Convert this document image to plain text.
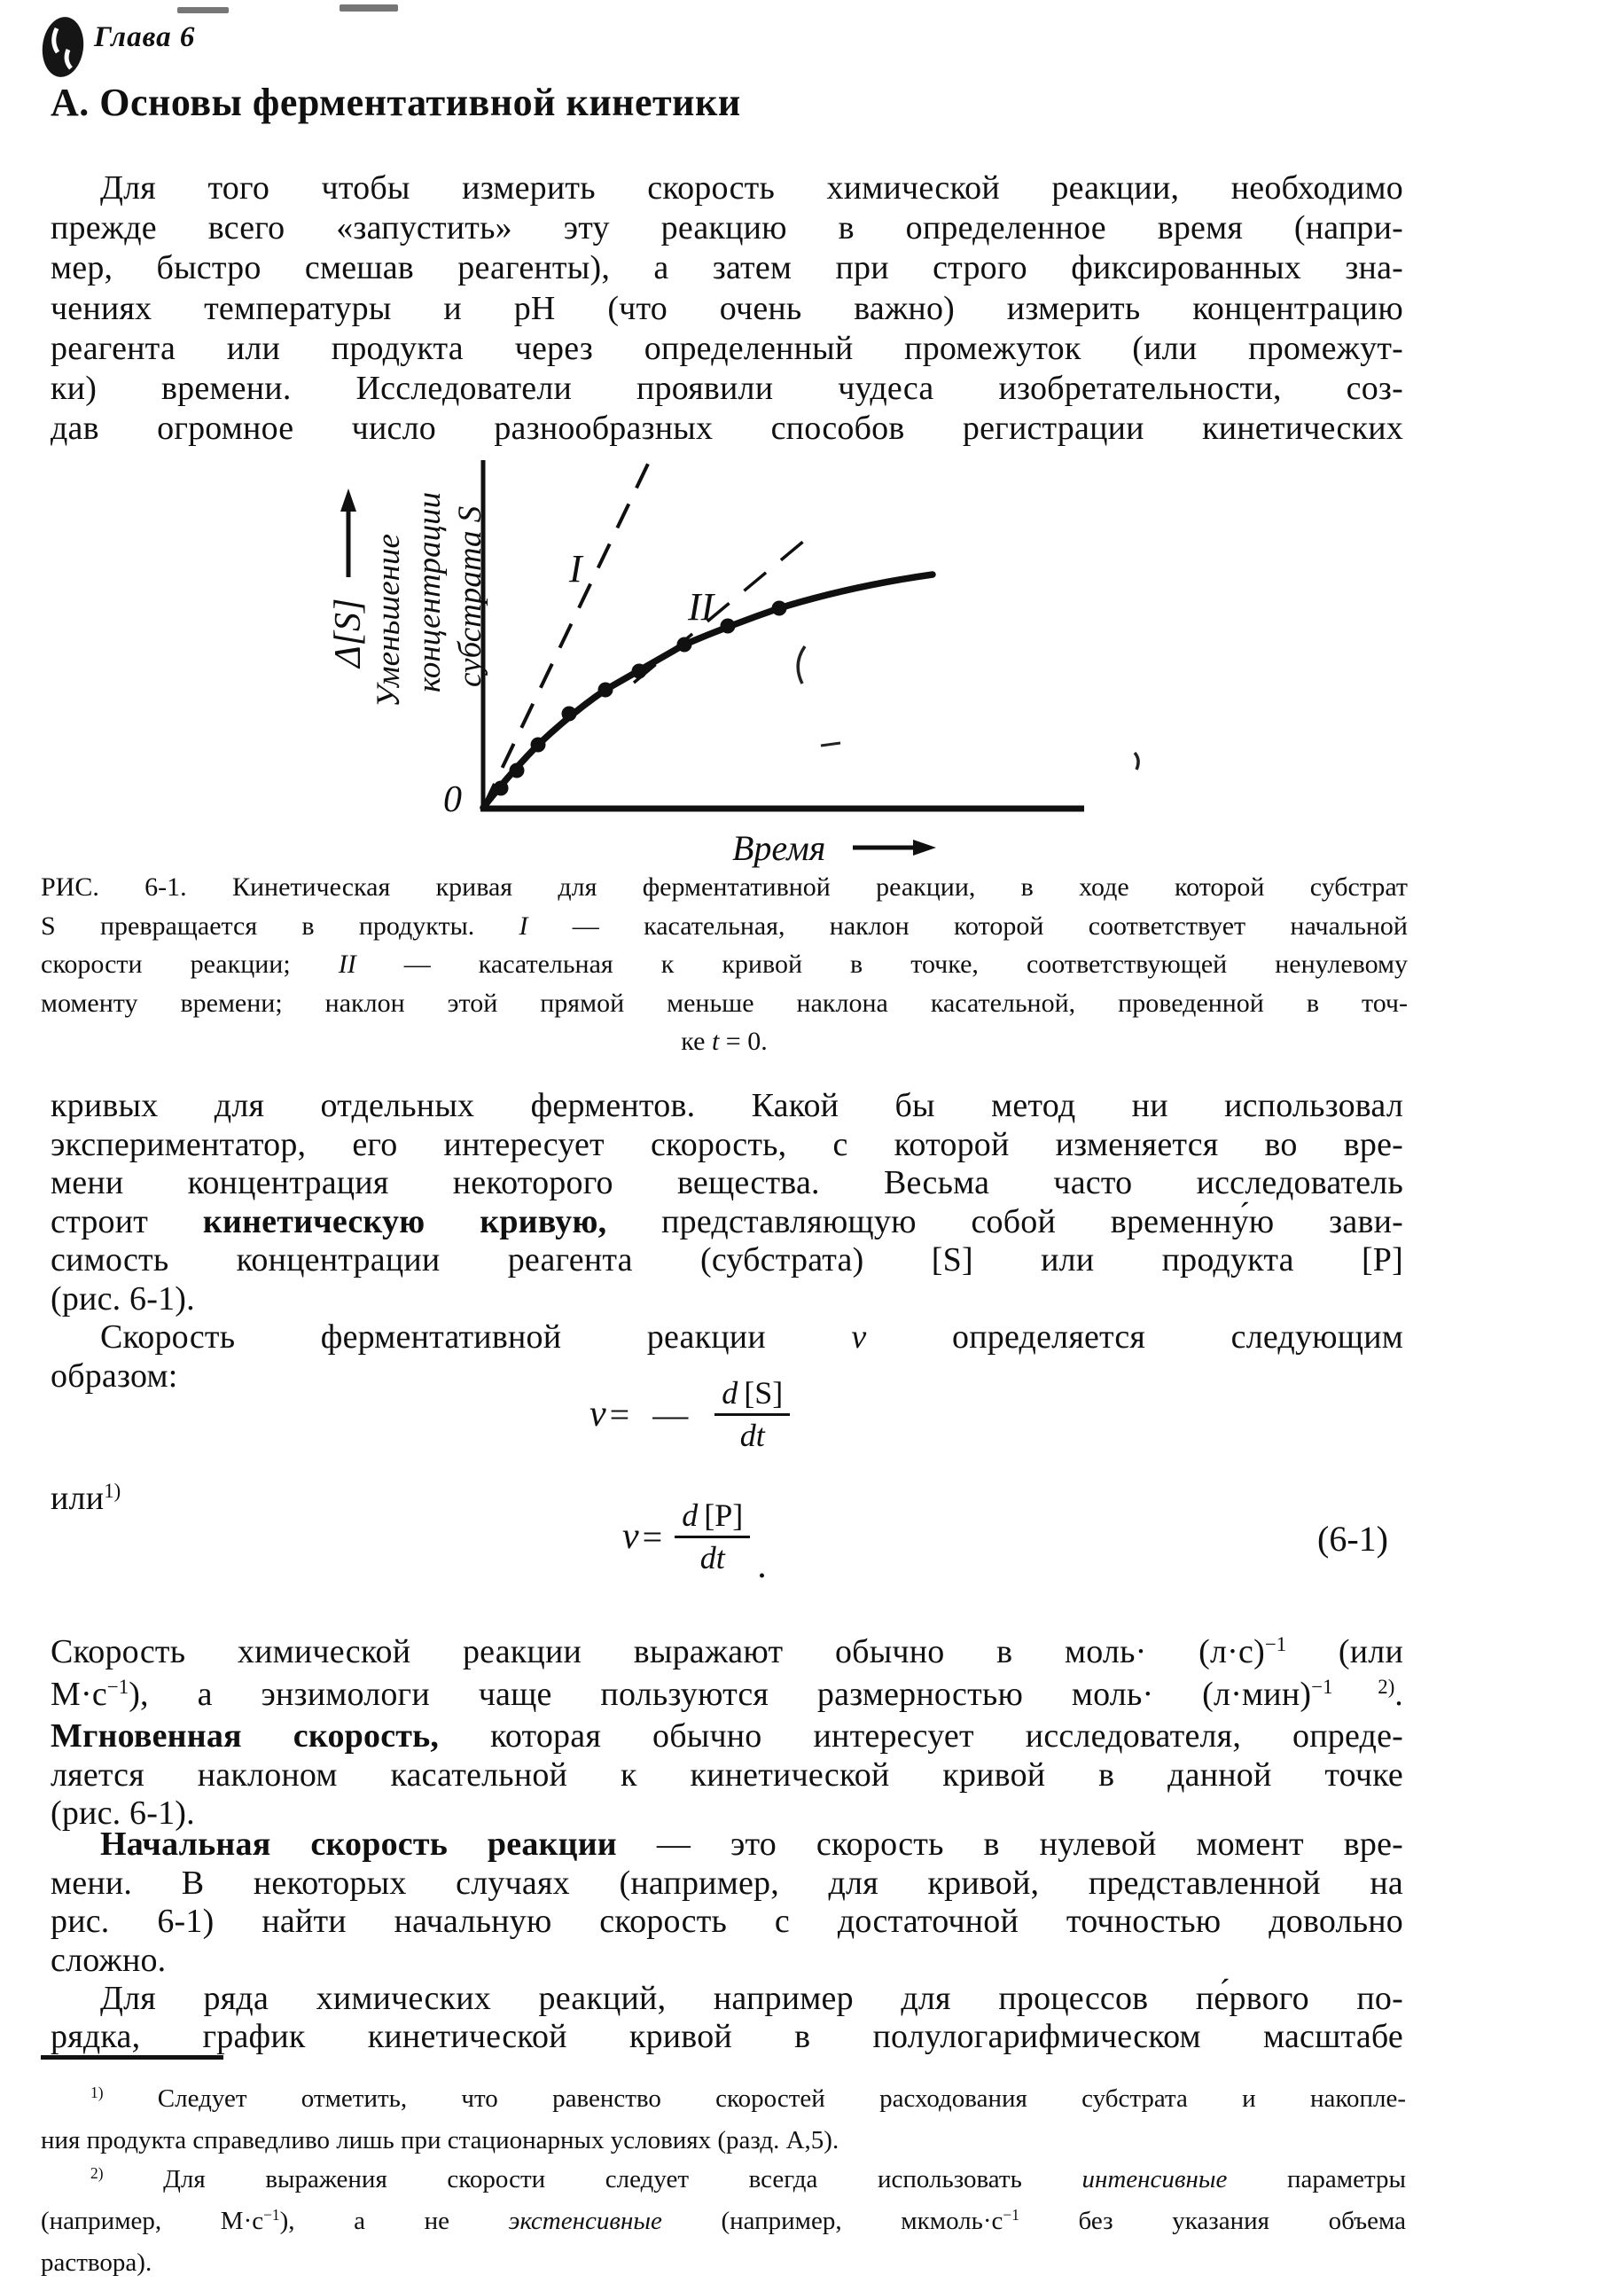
Глава 6
А. Основы ферментативной кинетики
Для того чтобы измерить скорость химической реакции, необходимо
прежде всего «запустить» эту реакцию в определенное время (напри-
мер, быстро смешав реагенты), а затем при строго фиксированных зна-
чениях температуры и рН (что очень важно) измерить концентрацию
реагента или продукта через определенный промежуток (или промежут-
ки) времени. Исследователи проявили чудеса изобретательности, соз-
дав огромное число разнообразных способов регистрации кинетических
I
II
0
Время
Δ[S] Уменьшение концентрации субстрата S
РИС. 6-1. Кинетическая кривая для ферментативной реакции, в ходе которой субстрат
S превращается в продукты. I — касательная, наклон которой соответствует начальной
скорости реакции; II — касательная к кривой в точке, соответствующей ненулевому
моменту времени; наклон этой прямой меньше наклона касательной, проведенной в точ-
ке t = 0.
кривых для отдельных ферментов. Какой бы метод ни использовал
экспериментатор, его интересует скорость, с которой изменяется во вре-
мени концентрация некоторого вещества. Весьма часто исследователь
строит кинетическую кривую, представляющую собой временну́ю зави-
симость концентрации реагента (субстрата) [S] или продукта [Р]
(рис. 6-1).
Скорость ферментативной реакции v определяется следующим
образом:
v = — $\frac{d [S]}{dt}$
или$^{1)}$
$v = \frac{d [P]}{dt}$ .
(6-1)
Скорость химической реакции выражают обычно в моль· $(л\cdot с)^{-1}$ (или
$М\cdot с^{-1}$), а энзимологи чаще пользуются размерностью моль· $(л\cdot мин)^{-1 2)}$.
Мгновенная скорость, которая обычно интересует исследователя, опреде-
ляется наклоном касательной к кинетической кривой в данной точке
(рис. 6-1).
Начальная скорость реакции — это скорость в нулевой момент вре-
мени. В некоторых случаях (например, для кривой, представленной на
рис. 6-1) найти начальную скорость с достаточной точностью довольно
сложно.
Для ряда химических реакций, например для процессов пе́рвого по-
рядка, график кинетической кривой в полулогарифмическом масштабе
$^{1)}$ Следует отметить, что равенство скоростей расходования субстрата и накопле-
ния продукта справедливо лишь при стационарных условиях (разд. А,5).
$^{2)}$ Для выражения скорости следует всегда использовать интенсивные параметры
(например, $М\cdot с^{-1}$), а не экстенсивные (например, $мкмоль\cdot с^{-1}$ без указания объема
раствора).
